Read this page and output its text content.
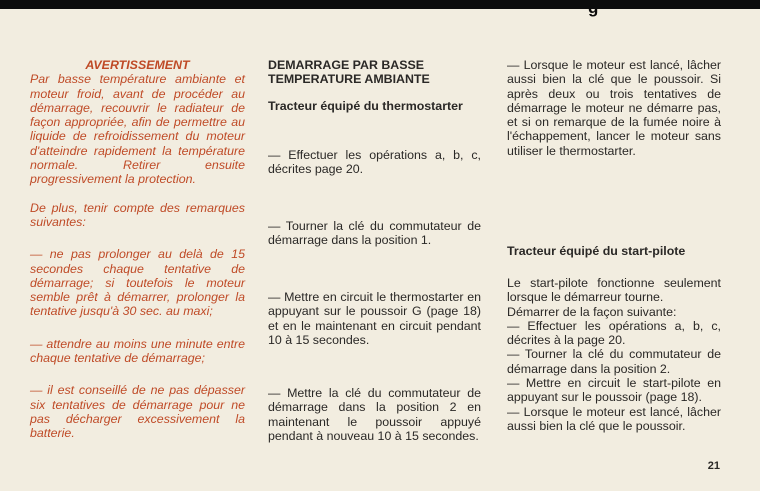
g

AVERTISSEMENT

Par basse température ambiante et moteur froid, avant de procéder au démarrage, recouvrir le radiateur de façon appropriée, afin de permettre au liquide de refroidissement du moteur d'atteindre rapidement la température normale. Retirer ensuite progressivement la protection.

De plus, tenir compte des remarques suivantes:

— ne pas prolonger au delà de 15 secondes chaque tentative de démarrage; si toutefois le moteur semble prêt à démarrer, prolonger la tentative jusqu'à 30 sec. au maxi;

— attendre au moins une minute entre chaque tentative de démarrage;

— il est conseillé de ne pas dépasser six tentatives de démarrage pour ne pas décharger excessivement la batterie.

DEMARRAGE PAR BASSE TEMPERATURE AMBIANTE

Tracteur équipé du thermostarter

— Effectuer les opérations a, b, c, décrites page 20.

— Tourner la clé du commutateur de démarrage dans la position 1.

— Mettre en circuit le thermostarter en appuyant sur le poussoir G (page 18) et en le maintenant en circuit pendant 10 à 15 secondes.

— Mettre la clé du commutateur de démarrage dans la position 2 en maintenant le poussoir appuyé pendant à nouveau 10 à 15 secondes.

— Lorsque le moteur est lancé, lâcher aussi bien la clé que le poussoir. Si après deux ou trois tentatives de démarrage le moteur ne démarre pas, et si on remarque de la fumée noire à l'échappement, lancer le moteur sans utiliser le thermostarter.

Tracteur équipé du start-pilote

Le start-pilote fonctionne seulement lorsque le démarreur tourne.

Démarrer de la façon suivante:

— Effectuer les opérations a, b, c, décrites à la page 20.

— Tourner la clé du commutateur de démarrage dans la position 2.

— Mettre en circuit le start-pilote en appuyant sur le poussoir (page 18).

— Lorsque le moteur est lancé, lâcher aussi bien la clé que le poussoir.

21
